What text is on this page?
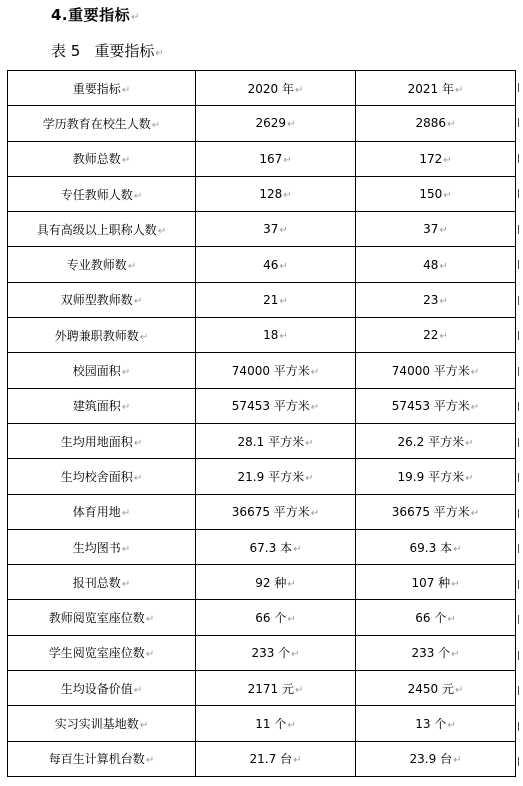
4.重要指标↵
表 5 重要指标↵
重要指标↵	2020 年↵	2021 年↵
学历教育在校生人数↵	2629↵	2886↵
教师总数↵	167↵	172↵
专任教师人数↵	128↵	150↵
具有高级以上职称人数↵	37↵	37↵
专业教师数↵	46↵	48↵
双师型教师数↵	21↵	23↵
外聘兼职教师数↵	18↵	22↵
校园面积↵	74000 平方米↵	74000 平方米↵
建筑面积↵	57453 平方米↵	57453 平方米↵
生均用地面积↵	28.1 平方米↵	26.2 平方米↵
生均校舍面积↵	21.9 平方米↵	19.9 平方米↵
体育用地↵	36675 平方米↵	36675 平方米↵
生均图书↵	67.3 本↵	69.3 本↵
报刊总数↵	92 种↵	107 种↵
教师阅览室座位数↵	66 个↵	66 个↵
学生阅览室座位数↵	233 个↵	233 个↵
生均设备价值↵	2171 元↵	2450 元↵
实习实训基地数↵	11 个↵	13 个↵
每百生计算机台数↵	21.7 台↵	23.9 台↵
